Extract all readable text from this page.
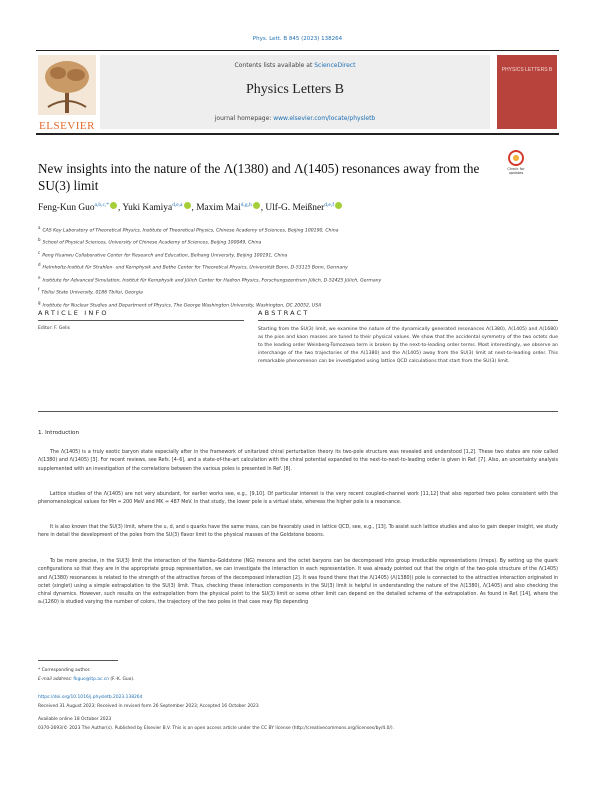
Phys. Lett. B 845 (2023) 138264
ELSEVIER
Contents lists available at ScienceDirect
Physics Letters B
journal homepage: www.elsevier.com/locate/physletb
PHYSICS LETTERS B
New insights into the nature of the Λ(1380) and Λ(1405) resonances away from the SU(3) limit
Check for updates
Feng-Kun Guo$^{a,b,c,*}$ , Yuki Kamiya$^{d,e,a}$ , Maxim Mai$^{d,g,h}$ , Ulf-G. Meißner$^{d,e,f}$
aCAS Key Laboratory of Theoretical Physics, Institute of Theoretical Physics, Chinese Academy of Sciences, Beijing 100190, China
bSchool of Physical Sciences, University of Chinese Academy of Sciences, Beijing 100049, China
cPeng Huanwu Collaborative Center for Research and Education, Beihang University, Beijing 100191, China
dHelmholtz-Institut für Strahlen- und Kernphysik and Bethe Center for Theoretical Physics, Universität Bonn, D-53115 Bonn, Germany
eInstitute for Advanced Simulation, Institut für Kernphysik and Jülich Center for Hadron Physics, Forschungszentrum Jülich, D-52425 Jülich, Germany
fTbilisi State University, 0186 Tbilisi, Georgia
gInstitute for Nuclear Studies and Department of Physics, The George Washington University, Washington, DC 20052, USA
ARTICLE INFO
Editor: F. Gelis
ABSTRACT
Starting from the SU(3) limit, we examine the nature of the dynamically generated resonances Λ(1380), Λ(1405) and Λ(1680) as the pion and kaon masses are tuned to their physical values. We show that the accidental symmetry of the two octets due to the leading order Weinberg-Tomozawa term is broken by the next-to-leading order terms. Most interestingly, we observe an interchange of the two trajectories of the Λ(1380) and the Λ(1405) away from the SU(3) limit at next-to-leading order. This remarkable phenomenon can be investigated using lattice QCD calculations that start from the SU(3) limit.
1. Introduction
The Λ(1405) is a truly exotic baryon state especially after in the framework of unitarized chiral perturbation theory its two-pole structure was revealed and understood [1,2]. These two states are now called Λ(1380) and Λ(1405) [3]. For recent reviews, see Refs. [4–6], and a state-of-the-art calculation with the chiral potential expanded to the next-to-next-to-leading order is given in Ref. [7]. Also, an uncertainty analysis supplemented with an investigation of the correlations between the various poles is presented in Ref. [8].
Lattice studies of the Λ(1405) are not very abundant, for earlier works see, e.g., [9,10]. Of particular interest is the very recent coupled-channel work [11,12] that also reported two poles consistent with the phenomenological values for Mπ ≃ 200 MeV and MK ≃ 487 MeV. In that study, the lower pole is a virtual state, whereas the higher pole is a resonance.
It is also known that the SU(3) limit, where the u, d, and s quarks have the same mass, can be favorably used in lattice QCD, see, e.g., [13]. To assist such lattice studies and also to gain deeper insight, we study here in detail the development of the poles from the SU(3) flavor limit to the physical masses of the Goldstone bosons.
To be more precise, in the SU(3) limit the interaction of the Nambu-Goldstone (NG) mesons and the octet baryons can be decomposed into group irreducible representations (irreps). By setting up the quark configurations so that they are in the appropriate group representation, we can investigate the interaction in each representation. It was already pointed out that the origin of the two-pole structure of the Λ(1405) and Λ(1380) resonances is related to the strength of the attractive forces of the decomposed interaction [2]. It was found there that the Λ(1405) (Λ(1380)) pole is connected to the attractive interaction originated in octet (singlet) using a simple extrapolation to the SU(3) limit. Thus, checking these interaction components in the SU(3) limit is helpful in understanding the nature of the Λ(1380), Λ(1405) and also checking the chiral dynamics. However, such results on the extrapolation from the physical point to the SU(3) limit or some other limit can depend on the detailed scheme of the extrapolation. As found in Ref. [14], where the a₁(1260) is studied varying the number of colors, the trajectory of the two poles in that case may flip depending
* Corresponding author.
E-mail address: fkguo@itp.ac.cn (F.-K. Guo).
https://doi.org/10.1016/j.physletb.2023.138264
Received 31 August 2023; Received in revised form 26 September 2023; Accepted 16 October 2023
Available online 18 October 2023
0370-2693/© 2023 The Author(s). Published by Elsevier B.V. This is an open access article under the CC BY license (http://creativecommons.org/licenses/by/4.0/).
